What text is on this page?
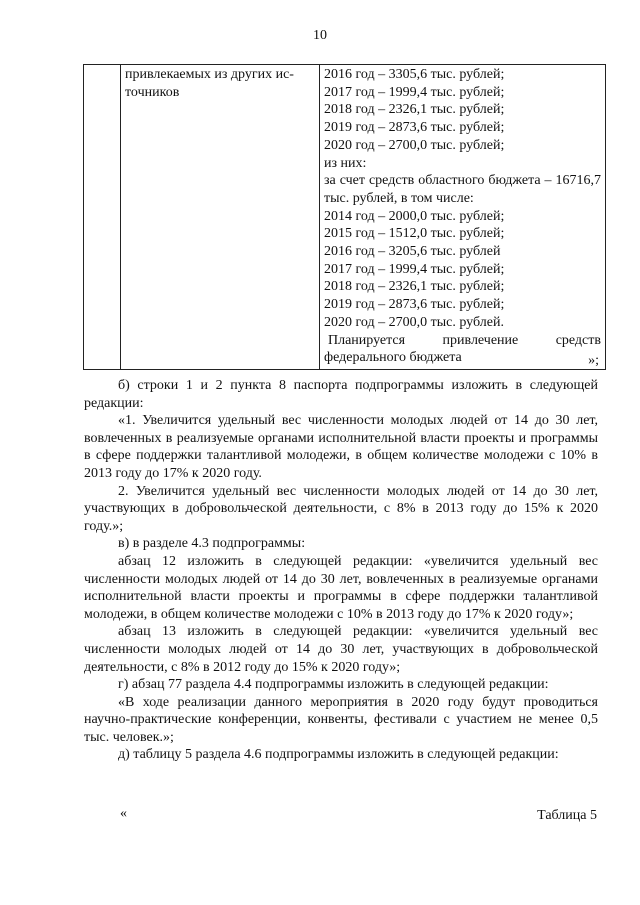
10

привлекаемых из других ис-
точников

2016 год – 3305,6 тыс. рублей;
2017 год – 1999,4 тыс. рублей;
2018 год – 2326,1 тыс. рублей;
2019 год – 2873,6 тыс. рублей;
2020 год – 2700,0 тыс. рублей;
из них:
за счет средств областного бюджета – 16716,7 тыс. рублей, в том числе:
2014 год – 2000,0 тыс. рублей;
2015 год – 1512,0 тыс. рублей;
2016 год – 3205,6 тыс. рублей
2017 год – 1999,4 тыс. рублей;
2018 год – 2326,1 тыс. рублей;
2019 год – 2873,6 тыс. рублей;
2020 год – 2700,0 тыс. рублей.
Планируется привлечение средств федерального бюджета	»;

б) строки 1 и 2 пункта 8 паспорта подпрограммы изложить в следующей редакции:

«1. Увеличится удельный вес численности молодых людей от 14 до 30 лет, вовлеченных в реализуемые органами исполнительной власти проекты и программы в сфере поддержки талантливой молодежи, в общем количестве молодежи с 10% в 2013 году до 17% к 2020 году.

2. Увеличится удельный вес численности молодых людей от 14 до 30 лет, участвующих в добровольческой деятельности, с 8% в 2013 году до 15% к 2020 году.»;

в) в разделе 4.3 подпрограммы:

абзац 12 изложить в следующей редакции: «увеличится удельный вес численности молодых людей от 14 до 30 лет, вовлеченных в реализуемые органами исполнительной власти проекты и программы в сфере поддержки талантливой молодежи, в общем количестве молодежи с 10% в 2013 году до 17% к 2020 году»;

абзац 13 изложить в следующей редакции: «увеличится удельный вес численности молодых людей от 14 до 30 лет, участвующих в добровольческой деятельности, с 8% в 2012 году до 15% к 2020 году»;

г) абзац 77 раздела 4.4 подпрограммы изложить в следующей редакции:

«В ходе реализации данного мероприятия в 2020 году будут проводиться научно-практические конференции, конвенты, фестивали с участием не менее 0,5 тыс. человек.»;

д) таблицу 5 раздела 4.6 подпрограммы изложить в следующей редакции:

«	Таблица 5
